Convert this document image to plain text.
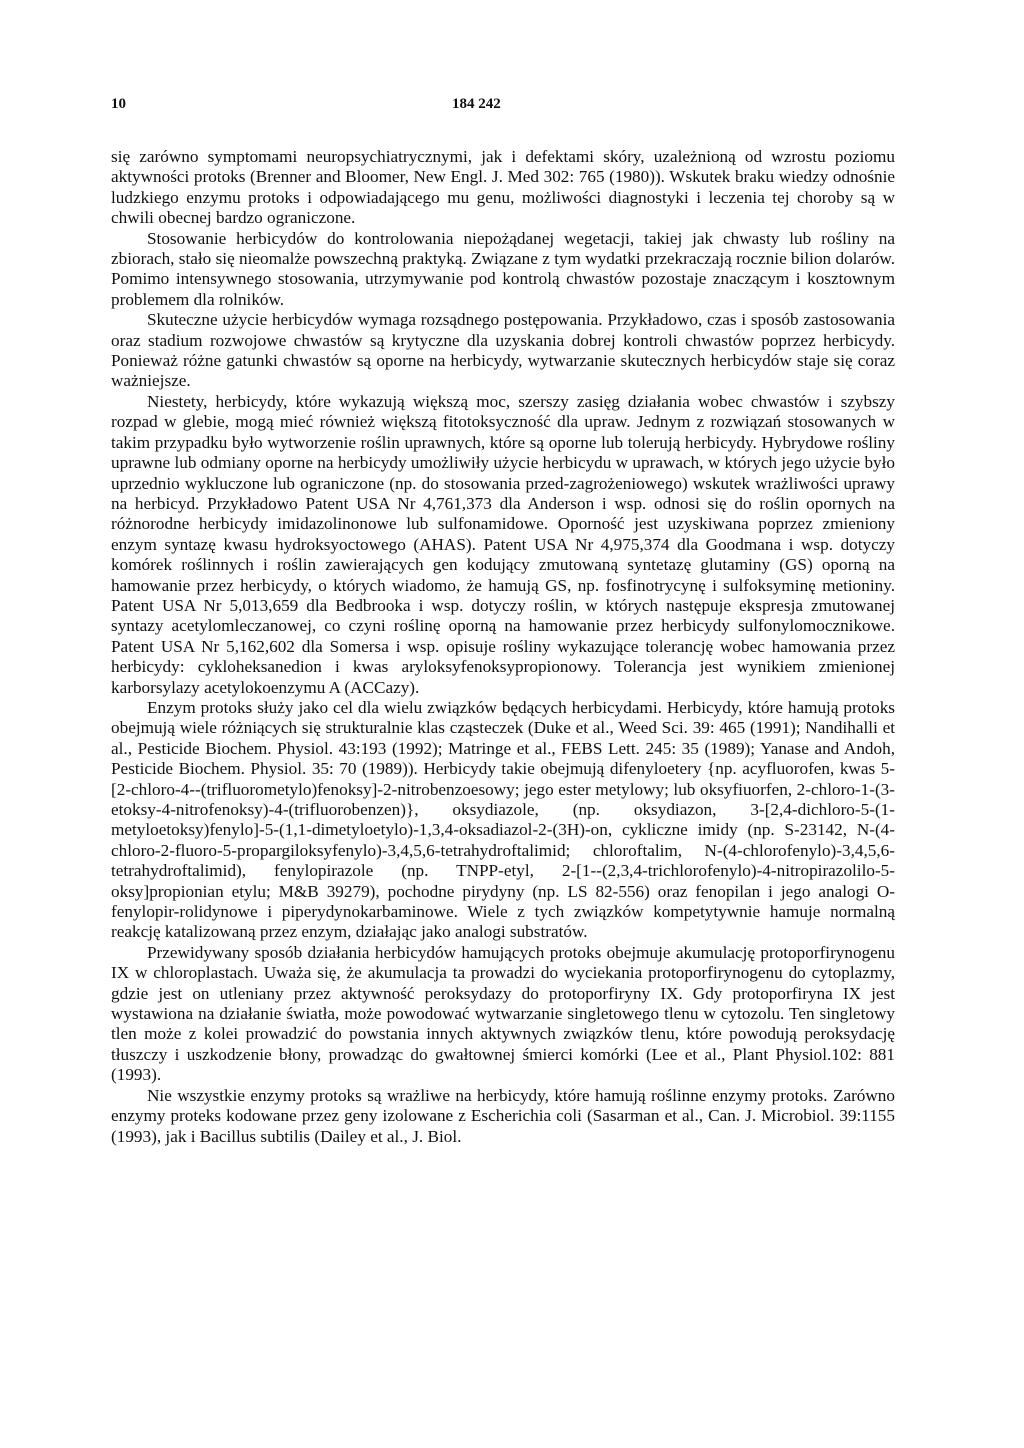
10	184 242

się zarówno symptomami neuropsychiatrycznymi, jak i defektami skóry, uzależnioną od wzrostu poziomu aktywności protoks (Brenner and Bloomer, New Engl. J. Med 302: 765 (1980)). Wskutek braku wiedzy odnośnie ludzkiego enzymu protoks i odpowiadającego mu genu, możliwości diagnostyki i leczenia tej choroby są w chwili obecnej bardzo ograniczone.

Stosowanie herbicydów do kontrolowania niepożądanej wegetacji, takiej jak chwasty lub rośliny na zbiorach, stało się nieomalże powszechną praktyką. Związane z tym wydatki przekraczają rocznie bilion dolarów. Pomimo intensywnego stosowania, utrzymywanie pod kontrolą chwastów pozostaje znaczącym i kosztownym problemem dla rolników.

Skuteczne użycie herbicydów wymaga rozsądnego postępowania. Przykładowo, czas i sposób zastosowania oraz stadium rozwojowe chwastów są krytyczne dla uzyskania dobrej kontroli chwastów poprzez herbicydy. Ponieważ różne gatunki chwastów są oporne na herbicydy, wytwarzanie skutecznych herbicydów staje się coraz ważniejsze.

Niestety, herbicydy, które wykazują większą moc, szerszy zasięg działania wobec chwastów i szybszy rozpad w glebie, mogą mieć również większą fitotoksyczność dla upraw. Jednym z rozwiązań stosowanych w takim przypadku było wytworzenie roślin uprawnych, które są oporne lub tolerują herbicydy. Hybrydowe rośliny uprawne lub odmiany oporne na herbicydy umożliwiły użycie herbicydu w uprawach, w których jego użycie było uprzednio wykluczone lub ograniczone (np. do stosowania przed-zagrożeniowego) wskutek wrażliwości uprawy na herbicyd. Przykładowo Patent USA Nr 4,761,373 dla Anderson i wsp. odnosi się do roślin opornych na różnorodne herbicydy imidazolinonowe lub sulfonamidowe. Oporność jest uzyskiwana poprzez zmieniony enzym syntazę kwasu hydroksyoctowego (AHAS). Patent USA Nr 4,975,374 dla Goodmana i wsp. dotyczy komórek roślinnych i roślin zawierających gen kodujący zmutowaną syntetazę glutaminy (GS) oporną na hamowanie przez herbicydy, o których wiadomo, że hamują GS, np. fosfinotrycynę i sulfoksyminę metioniny. Patent USA Nr 5,013,659 dla Bedbrooka i wsp. dotyczy roślin, w których następuje ekspresja zmutowanej syntazy acetylomleczanowej, co czyni roślinę oporną na hamowanie przez herbicydy sulfonylomocznikowe. Patent USA Nr 5,162,602 dla Somersa i wsp. opisuje rośliny wykazujące tolerancję wobec hamowania przez herbicydy: cykloheksanedion i kwas aryloksyfenoksypropionowy. Tolerancja jest wynikiem zmienionej karborsylazy acetylokoenzymu A (ACCazy).

Enzym protoks służy jako cel dla wielu związków będących herbicydami. Herbicydy, które hamują protoks obejmują wiele różniących się strukturalnie klas cząsteczek (Duke et al., Weed Sci. 39: 465 (1991); Nandihalli et al., Pesticide Biochem. Physiol. 43:193 (1992); Matringe et al., FEBS Lett. 245: 35 (1989); Yanase and Andoh, Pesticide Biochem. Physiol. 35: 70 (1989)). Herbicydy takie obejmują difenyloetery {np. acyfluorofen, kwas 5-[2-chloro-4--(trifluorometylo)fenoksy]-2-nitrobenzoesowy; jego ester metylowy; lub oksyfiuorfen, 2-chloro-1-(3-etoksy-4-nitrofenoksy)-4-(trifluorobenzen)}, oksydiazole, (np. oksydiazon, 3-[2,4-dichloro-5-(1-metyloetoksy)fenylo]-5-(1,1-dimetyloetylo)-1,3,4-oksadiazol-2-(3H)-on, cykliczne imidy (np. S-23142, N-(4-chloro-2-fluoro-5-propargiloksyfenylo)-3,4,5,6-tetrahydroftalimid; chloroftalim, N-(4-chlorofenylo)-3,4,5,6-tetrahydroftalimid), fenylopirazole (np. TNPP-etyl, 2-[1--(2,3,4-trichlorofenylo)-4-nitropirazolilo-5-oksy]propionian etylu; M&B 39279), pochodne pirydyny (np. LS 82-556) oraz fenopilan i jego analogi O-fenylopir-rolidynowe i piperydynokarbaminowe. Wiele z tych związków kompetytywnie hamuje normalną reakcję katalizowaną przez enzym, działając jako analogi substratów.

Przewidywany sposób działania herbicydów hamujących protoks obejmuje akumulację protoporfirynogenu IX w chloroplastach. Uważa się, że akumulacja ta prowadzi do wyciekania protoporfirynogenu do cytoplazmy, gdzie jest on utleniany przez aktywność peroksydazy do protoporfiryny IX. Gdy protoporfiryna IX jest wystawiona na działanie światła, może powodować wytwarzanie singletowego tlenu w cytozolu. Ten singletowy tlen może z kolei prowadzić do powstania innych aktywnych związków tlenu, które powodują peroksydację tłuszczy i uszkodzenie błony, prowadząc do gwałtownej śmierci komórki (Lee et al., Plant Physiol.102: 881 (1993).

Nie wszystkie enzymy protoks są wrażliwe na herbicydy, które hamują roślinne enzymy protoks. Zarówno enzymy proteks kodowane przez geny izolowane z Escherichia coli (Sasarman et al., Can. J. Microbiol. 39:1155 (1993), jak i Bacillus subtilis (Dailey et al., J. Biol.
